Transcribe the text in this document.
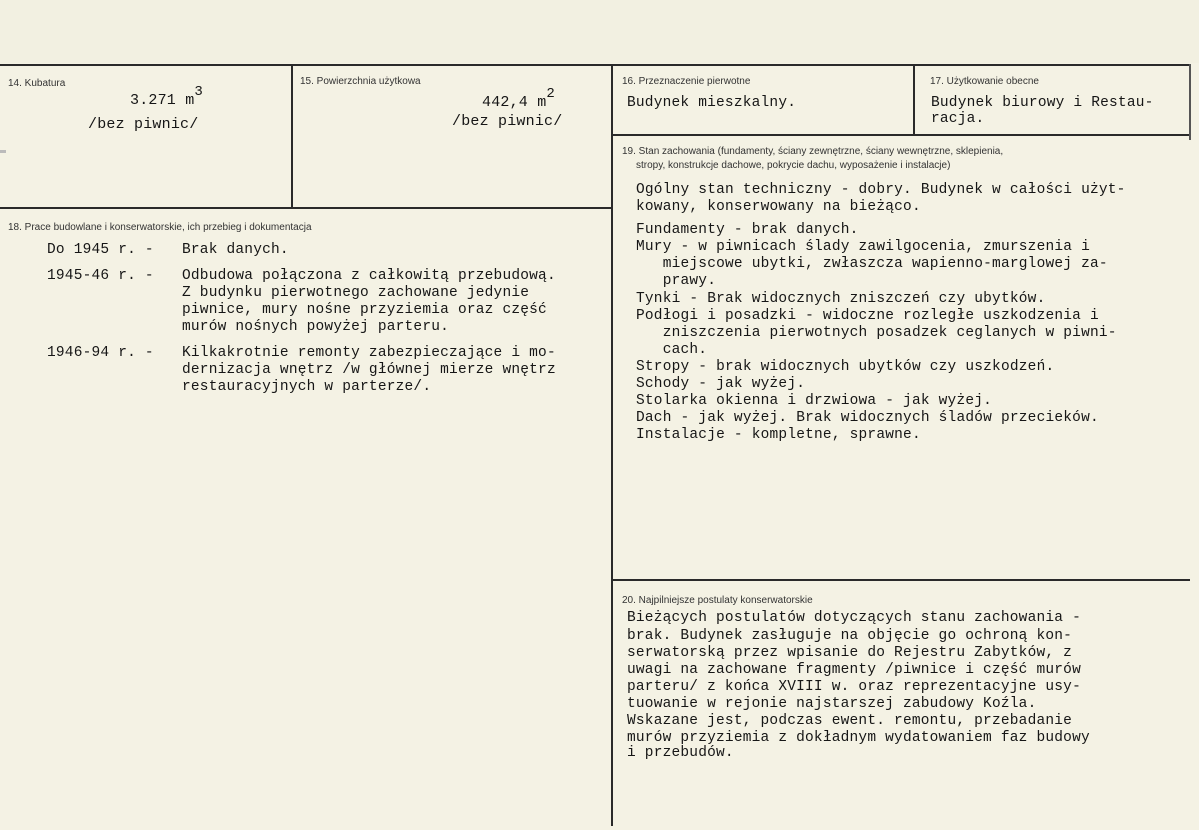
14. Kubatura
3.271 m3
/bez piwnic/
15. Powierzchnia użytkowa
442,4 m2
/bez piwnic/
16. Przeznaczenie pierwotne
Budynek mieszkalny.
17. Użytkowanie obecne
Budynek biurowy i Restau-
racja.
18. Prace budowlane i konserwatorskie, ich przebieg i dokumentacja
Do 1945 r. - Brak danych.
1945-46 r. - Odbudowa połączona z całkowitą przebudową.
Z budynku pierwotnego zachowane jedynie
piwnice, mury nośne przyziemia oraz część
murów nośnych powyżej parteru.
1946-94 r. - Kilkakrotnie remonty zabezpieczające i mo-
dernizacja wnętrz /w głównej mierze wnętrz
restauracyjnych w parterze/.
19. Stan zachowania (fundamenty, ściany zewnętrzne, ściany wewnętrzne, sklepienia,
stropy, konstrukcje dachowe, pokrycie dachu, wyposażenie i instalacje)
Ogólny stan techniczny - dobry. Budynek w całości użyt-
kowany, konserwowany na bieżąco.
Fundamenty - brak danych.
Mury - w piwnicach ślady zawilgocenia, zmurszenia i
miejscowe ubytki, zwłaszcza wapienno-marglowej za-
prawy.
Tynki - Brak widocznych zniszczeń czy ubytków.
Podłogi i posadzki - widoczne rozległe uszkodzenia i
zniszczenia pierwotnych posadzek ceglanych w piwni-
cach.
Stropy - brak widocznych ubytków czy uszkodzeń.
Schody - jak wyżej.
Stolarka okienna i drzwiowa - jak wyżej.
Dach - jak wyżej. Brak widocznych śladów przecieków.
Instalacje - kompletne, sprawne.
20. Najpilniejsze postulaty konserwatorskie
Bieżących postulatów dotyczących stanu zachowania -
brak. Budynek zasługuje na objęcie go ochroną kon-
serwatorską przez wpisanie do Rejestru Zabytków, z
uwagi na zachowane fragmenty /piwnice i część murów
parteru/ z końca XVIII w. oraz reprezentacyjne usy-
tuowanie w rejonie najstarszej zabudowy Koźla.
Wskazane jest, podczas ewent. remontu, przebadanie
murów przyziemia z dokładnym wydatowaniem faz budowy
i przebudów.
